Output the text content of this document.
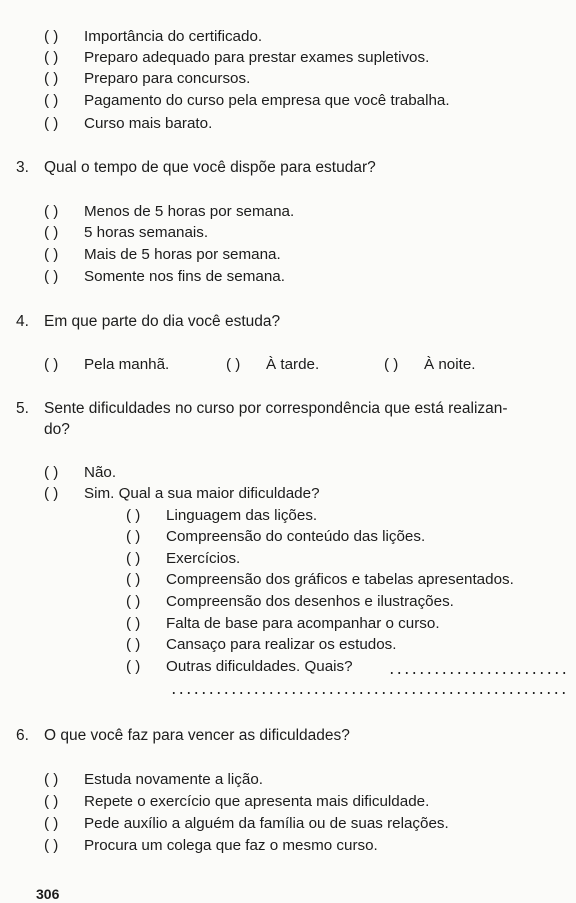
( ) Importância do certificado.
( ) Preparo adequado para prestar exames supletivos.
( ) Preparo para concursos.
( ) Pagamento do curso pela empresa que você trabalha.
( ) Curso mais barato.
3. Qual o tempo de que você dispõe para estudar?
( ) Menos de 5 horas por semana.
( ) 5 horas semanais.
( ) Mais de 5 horas por semana.
( ) Somente nos fins de semana.
4. Em que parte do dia você estuda?
( ) Pela manhã.	( ) À tarde.	( ) À noite.
5. Sente dificuldades no curso por correspondência que está realizan-
do?
( ) Não.
( ) Sim. Qual a sua maior dificuldade?
( ) Linguagem das lições.
( ) Compreensão do conteúdo das lições.
( ) Exercícios.
( ) Compreensão dos gráficos e tabelas apresentados.
( ) Compreensão dos desenhos e ilustrações.
( ) Falta de base para acompanhar o curso.
( ) Cansaço para realizar os estudos.
( ) Outras dificuldades. Quais?
6. O que você faz para vencer as dificuldades?
( ) Estuda novamente a lição.
( ) Repete o exercício que apresenta mais dificuldade.
( ) Pede auxílio a alguém da família ou de suas relações.
( ) Procura um colega que faz o mesmo curso.
306
